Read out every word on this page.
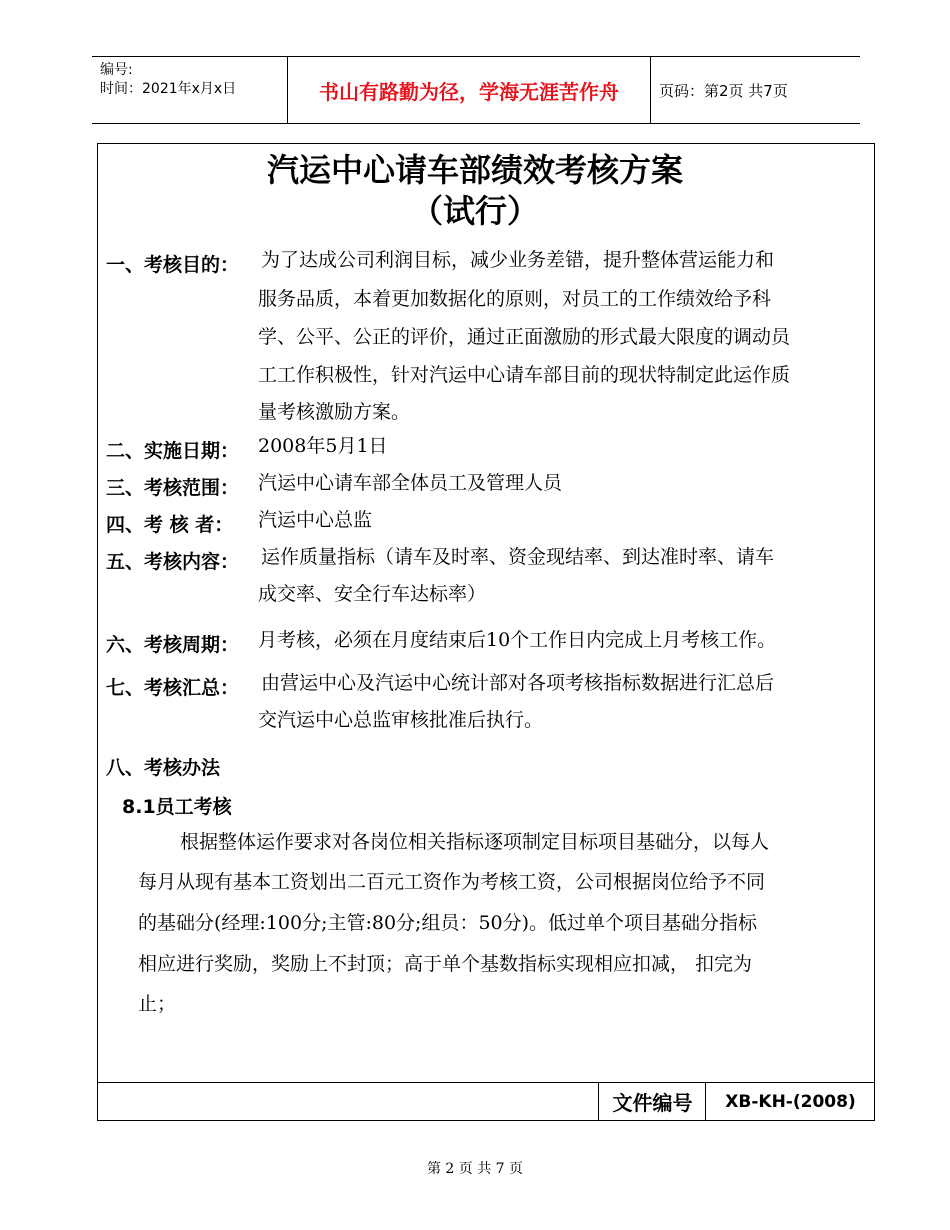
编号:
时间：2021年x月x日	书山有路勤为径，学海无涯苦作舟	页码：第2页 共7页
文件编号	XB-KH-(2008)
汽运中心请车部绩效考核方案
（试行）
一、考核目的： 为了达成公司利润目标，减少业务差错，提升整体营运能力和
服务品质，本着更加数据化的原则，对员工的工作绩效给予科
学、公平、公正的评价，通过正面激励的形式最大限度的调动员
工工作积极性，针对汽运中心请车部目前的现状特制定此运作质
量考核激励方案。
二、实施日期： 2008年5月1日
三、考核范围： 汽运中心请车部全体员工及管理人员
四、考 核 者： 汽运中心总监
五、考核内容： 运作质量指标（请车及时率、资金现结率、到达准时率、请车
成交率、安全行车达标率）
六、考核周期： 月考核，必须在月度结束后10个工作日内完成上月考核工作。
七、考核汇总： 由营运中心及汽运中心统计部对各项考核指标数据进行汇总后
交汽运中心总监审核批准后执行。
八、考核办法
8.1员工考核
根据整体运作要求对各岗位相关指标逐项制定目标项目基础分，以每人
每月从现有基本工资划出二百元工资作为考核工资，公司根据岗位给予不同
的基础分(经理:100分;主管:80分;组员：50分)。低过单个项目基础分指标
相应进行奖励，奖励上不封顶；高于单个基数指标实现相应扣减， 扣完为
止；
第 2 页 共 7 页
